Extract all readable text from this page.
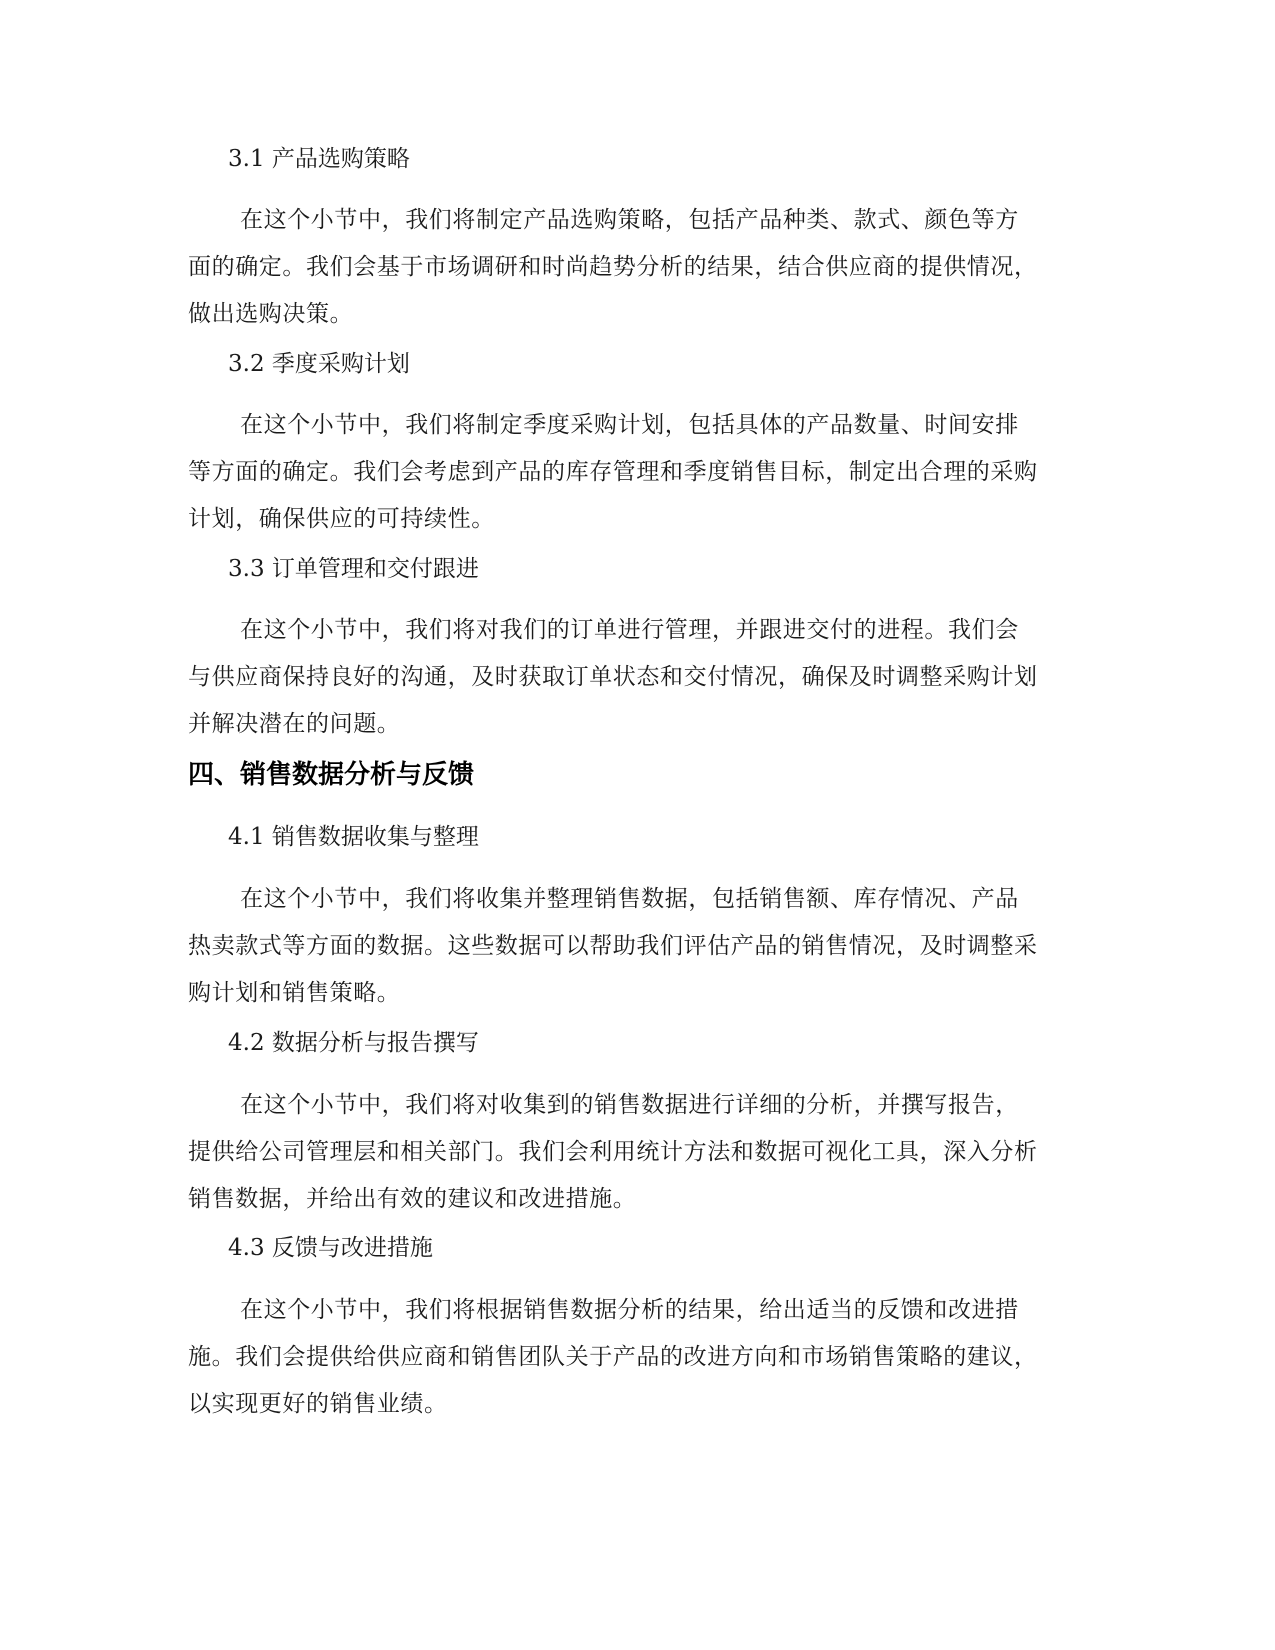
3.1 产品选购策略
在这个小节中，我们将制定产品选购策略，包括产品种类、款式、颜色等方
面的确定。我们会基于市场调研和时尚趋势分析的结果，结合供应商的提供情况，
做出选购决策。
3.2 季度采购计划
在这个小节中，我们将制定季度采购计划，包括具体的产品数量、时间安排
等方面的确定。我们会考虑到产品的库存管理和季度销售目标，制定出合理的采购
计划，确保供应的可持续性。
3.3 订单管理和交付跟进
在这个小节中，我们将对我们的订单进行管理，并跟进交付的进程。我们会
与供应商保持良好的沟通，及时获取订单状态和交付情况，确保及时调整采购计划
并解决潜在的问题。
四、销售数据分析与反馈
4.1 销售数据收集与整理
在这个小节中，我们将收集并整理销售数据，包括销售额、库存情况、产品
热卖款式等方面的数据。这些数据可以帮助我们评估产品的销售情况，及时调整采
购计划和销售策略。
4.2 数据分析与报告撰写
在这个小节中，我们将对收集到的销售数据进行详细的分析，并撰写报告，
提供给公司管理层和相关部门。我们会利用统计方法和数据可视化工具，深入分析
销售数据，并给出有效的建议和改进措施。
4.3 反馈与改进措施
在这个小节中，我们将根据销售数据分析的结果，给出适当的反馈和改进措
施。我们会提供给供应商和销售团队关于产品的改进方向和市场销售策略的建议，
以实现更好的销售业绩。
